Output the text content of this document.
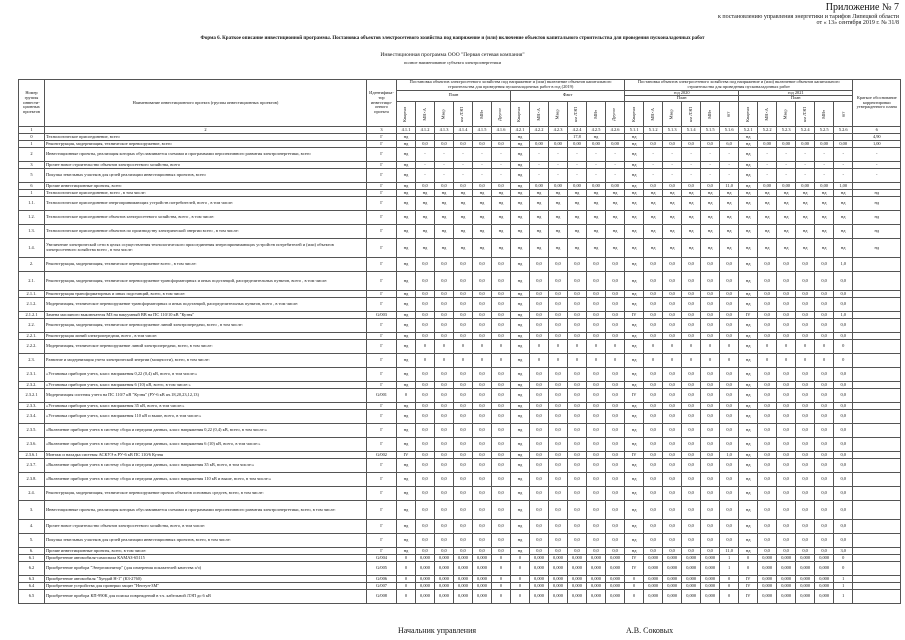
Приложение № 7
к постановлению управления энергетики и тарифов Липецкой области
от « 13» сентября 2019 г. № 31/8
Форма 6. Краткое описание инвестиционной программы. Постановка объектов электросетевого хозяйства под напряжение и (или) включение объектов капитального строительства для проведения пусконаладочных работ
Инвестиционная программа ООО "Первая сетевая компания"
полное наименование субъекта электроэнергетики
Номер группы инвести-ционных проектов	Наименование инвестиционного проекта (группы инвестиционных проектов)	Идентифика-тор инвестици-онного проекта	Постановка объектов электросетевого хозяйства под напряжение и (или) включение объектов капитального строительства для проведения пусконаладочных работ в год (2019)												Постановка объектов электросетевого хозяйства под напряжение и (или) включение объектов капитального строительства для проведения пусконаладочных работ												Краткое обоснование корректировки утвержденного плана	
			План						Факт						год 2020						год 2021							
															План						План							
			Квартал	МВ×А	Мвар	км ЛЭП	МВт	Другое	Квартал	МВ×А	Мвар	км ЛЭП	МВт	Другое	Квартал	МВ×А	Мвар	км ЛЭП	МВт	шт	Квартал	МВ×А	Мвар	км ЛЭП	МВт	шт		
1	2	3	4.1.1	4.1.2	4.1.3	4.1.4	4.1.5	4.1.6	4.2.1	4.2.2	4.2.3	4.2.4	4.2.5	4.2.6	5.1.1	5.1.2	5.1.3	5.1.4	5.1.5	5.1.6	5.2.1	5.2.2	5.2.3	5.2.4	5.2.5	5.2.6	6	
0	Технологическое присоединение, всего	Г	нд						нд			17,8	нд		нд						нд						4,90	
1	Реконструкция, модернизация, техническое перевооружение, всего	Г	нд	0,0	0,0	0,0	0,0	0,0	нд	0,00	0,00	0,00	0,00	0,00	нд	0,0	0,0	0,0	0,0	6,0	нд	0,00	0,00	0,00	0,00	0,00	1,00	
2	Инвестиционные проекты, реализация которых обуславливается схемами и программами перспективного развития электроэнергетики, всего	Г	нд	-	-	-	-	-	нд	-	-	-	-	-	нд	-	-	-	-	-	нд	-	-	-	-	-	-	
3	Прочее новое строительство объектов электросетевого хозяйства, всего	Г	нд	-	-	-	-	-	нд	-	-	-	-	-	нд	-	-	-	-	-	нд	-	-	-	-	-	-	
5	Покупка земельных участков для целей реализации инвестиционных проектов, всего	Г	нд	-	-	-	-	-	нд	-	-	-	-	-	нд	-	-	-	-	-	нд	-	-	-	-	-	-	
6	Прочие инвестиционные проекты, всего	Г	нд	0,0	0,0	0,0	0,0	0,0	нд	0,00	0,00	0,00	0,00	0,00	нд	0,0	0,0	0,0	0,0	11,0	нд	0,00	0,00	0,00	0,00	1,00		
1	Технологическое присоединение, всего , в том числе:	Г	нд	нд	нд	нд	нд	нд	нд	нд	нд	нд	нд	нд	нд	нд	нд	нд	нд	нд	нд	нд	нд	нд	нд	нд	нд	
1.1.	Технологическое присоединение энергопринимающих устройств потребителей, всего , в том числе:	Г	нд	нд	нд	нд	нд	нд	нд	нд	нд	нд	нд	нд	нд	нд	нд	нд	нд	нд	нд	нд	нд	нд	нд	нд	нд	
1.2.	Технологическое присоединение объектов электросетевого хозяйства, всего , в том числе:	Г	нд	нд	нд	нд	нд	нд	нд	нд	нд	нд	нд	нд	нд	нд	нд	нд	нд	нд	нд	нд	нд	нд	нд	нд	нд	
1.3.	Технологическое присоединение объектов по производству электрической энергии всего , в том числе:	Г	нд	нд	нд	нд	нд	нд	нд	нд	нд	нд	нд	нд	нд	нд	нд	нд	нд	нд	нд	нд	нд	нд	нд	нд	нд	
1.4.	Увеличение электрической сети в целях осуществления технологического присоединения энергопринимающих устройств потребителей и (или) объектов электросетевого хозяйства всего , в том числе:	Г	нд	нд	нд	нд	нд	нд	нд	нд	нд	нд	нд	нд	нд	нд	нд	нд	нд	нд	нд	нд	нд	нд	нд	нд	нд	
2.	Реконструкция, модернизация, техническое перевооружение всего , в том числе:	Г	нд	0,0	0,0	0,0	0,0	0,0	нд	0,0	0,0	0,0	0,0	0,0	нд	0,0	0,0	0,0	0,0	0,0	нд	0,0	0,0	0,0	0,0	1,0		
2.1.	Реконструкция, модернизация, техническое перевооружение трансформаторных и иных подстанций, распределительных пунктов, всего , в том числе:	Г	нд	0,0	0,0	0,0	0,0	0,0	нд	0,0	0,0	0,0	0,0	0,0	нд	0,0	0,0	0,0	0,0	0,0	нд	0,0	0,0	0,0	0,0	0,0		
2.1.1.	Реконструкция трансформаторных и иных подстанций, всего, в том числе:	Г	нд	0,0	0,0	0,0	0,0	0,0	нд	0,0	0,0	0,0	0,0	0,0	нд	0,0	0,0	0,0	0,0	0,0	нд	0,0	0,0	0,0	0,0	0,0		
2.1.2.	Модернизация, техническое перевооружение трансформаторных и иных подстанций, распределительных пунктов, всего , в том числе:	Г	нд	0,0	0,0	0,0	0,0	0,0	нд	0,0	0,0	0,0	0,0	0,0	нд	0,0	0,0	0,0	0,0	0,0	нд	0,0	0,0	0,0	0,0	0,0		
2.1.2.1	Замена масляного выключателя МЗ на вакуумный ВВ на ПС 110/10 кВ "Кузня"	G/003	нд	0,0	0,0	0,0	0,0	0,0	нд	0,0	0,0	0,0	0,0	0,0	IV	0,0	0,0	0,0	0,0	0,0	IV	0,0	0,0	0,0	0,0	1,0		
2.2.	Реконструкция, модернизация, техническое перевооружение линий электропередачи, всего , в том числе:	Г	нд	0,0	0,0	0,0	0,0	0,0	нд	0,0	0,0	0,0	0,0	0,0	нд	0,0	0,0	0,0	0,0	0,0	нд	0,0	0,0	0,0	0,0	0,0		
2.2.1.	Реконструкция линий электропередачи, всего , в том числе:	Г	нд	0,0	0,0	0,0	0,0	0,0	нд	0,0	0,0	0,0	0,0	0,0	нд	0,0	0,0	0,0	0,0	0,0	нд	0,0	0,0	0,0	0,0	0,0		
2.2.2.	Модернизация, техническое перевооружение линий электропередачи, всего, в том числе:	Г	нд	0	0	0	0	0	нд	0	0	0	0	0	нд	0	0	0	0	0	нд	0	0	0	0	0		
2.3.	Развитие и модернизация учета электрической энергии (мощности), всего, в том числе:	Г	нд	0	0	0	0	0	нд	0	0	0	0	0	нд	0	0	0	0	0	нд	0	0	0	0	0		
2.3.1.	«Установка приборов учета, класс напряжения 0,22 (0,4) кВ, всего, в том числе:»	Г	нд	0,0	0,0	0,0	0,0	0,0	нд	0,0	0,0	0,0	0,0	0,0	нд	0,0	0,0	0,0	0,0	0,0	нд	0,0	0,0	0,0	0,0	0,0		
2.3.2.	«Установка приборов учета, класс напряжения 6 (10) кВ, всего, в том числе:»	Г	нд	0,0	0,0	0,0	0,0	0,0	нд	0,0	0,0	0,0	0,0	0,0	нд	0,0	0,0	0,0	0,0	0,0	нд	0,0	0,0	0,0	0,0	0,0		
2.3.2.1	Модернизация системы учета на ПС 110/7 кВ "Кузня" (РУ-6 кВ яч.18,20,23,12,13)	G/001	0	0,0	0,0	0,0	0,0	0,0	нд	0,0	0,0	0,0	0,0	0,0	IV	0,0	0,0	0,0	0,0	0,0	нд	0,0	0,0	0,0	0,0	0,0		
2.3.3.	«Установка приборов учета, класс напряжения 35 кВ, всего, в том числе:»	Г	нд	0,0	0,0	0,0	0,0	0,0	нд	0,0	0,0	0,0	0,0	0,0	нд	0,0	0,0	0,0	0,0	0,0	нд	0,0	0,0	0,0	0,0	0,0		
2.3.4.	«Установка приборов учета, класс напряжения 110 кВ и выше, всего, в том числе:»	Г	нд	0,0	0,0	0,0	0,0	0,0	нд	0,0	0,0	0,0	0,0	0,0	нд	0,0	0,0	0,0	0,0	0,0	нд	0,0	0,0	0,0	0,0	0,0		
2.3.5.	«Включение приборов учета в систему сбора и передачи данных, класс напряжения 0,22 (0,4) кВ, всего, в том числе:»	Г	нд	0,0	0,0	0,0	0,0	0,0	нд	0,0	0,0	0,0	0,0	0,0	нд	0,0	0,0	0,0	0,0	0,0	нд	0,0	0,0	0,0	0,0	0,0		
2.3.6.	«Включение приборов учета в систему сбора и передачи данных, класс напряжения 6 (10) кВ, всего, в том числе:»	Г	нд	0,0	0,0	0,0	0,0	0,0	нд	0,0	0,0	0,0	0,0	0,0	нд	0,0	0,0	0,0	0,0	0,0	нд	0,0	0,0	0,0	0,0	0,0		
2.3.6.1	Монтаж и наладка системы АСКУЭ в РУ-6 кВ ПС 110/6 Кузня	G/002	IV	0,0	0,0	0,0	0,0	0,0	нд	0,0	0,0	0,0	0,0	0,0	IV	0,0	0,0	0,0	0,0	1,0	нд	0,0	0,0	0,0	0,0	0,0		
2.3.7.	«Включение приборов учета в систему сбора и передачи данных, класс напряжения 35 кВ, всего, в том числе:»	Г	нд	0,0	0,0	0,0	0,0	0,0	нд	0,0	0,0	0,0	0,0	0,0	нд	0,0	0,0	0,0	0,0	0,0	нд	0,0	0,0	0,0	0,0	0,0		
2.3.8.	«Включение приборов учета в систему сбора и передачи данных, класс напряжения 110 кВ и выше, всего, в том числе:»	Г	нд	0,0	0,0	0,0	0,0	0,0	нд	0,0	0,0	0,0	0,0	0,0	нд	0,0	0,0	0,0	0,0	0,0	нд	0,0	0,0	0,0	0,0	0,0		
2.4.	Реконструкция, модернизация, техническое перевооружение прочих объектов основных средств, всего, в том числе:	Г	нд	0,0	0,0	0,0	0,0	0,0	нд	0,0	0,0	0,0	0,0	0,0	нд	0,0	0,0	0,0	0,0	0,0	нд	0,0	0,0	0,0	0,0	0,0		
3.	Инвестиционные проекты, реализация которых обуславливается схемами и программами перспективного развития электроэнергетики, всего, в том числе:	Г	нд	0,0	0,0	0,0	0,0	0,0	нд	0,0	0,0	0,0	0,0	0,0	нд	0,0	0,0	0,0	0,0	0,0	нд	0,0	0,0	0,0	0,0	0,0		
4.	Прочее новое строительство объектов электросетевого хозяйства, всего, в том числе:	Г	нд	0,0	0,0	0,0	0,0	0,0	нд	0,0	0,0	0,0	0,0	0,0	нд	0,0	0,0	0,0	0,0	0,0	нд	0,0	0,0	0,0	0,0	0,0		
5.	Покупка земельных участков для целей реализации инвестиционных проектов, всего, в том числе:	Г	нд	0,0	0,0	0,0	0,0	0,0	нд	0,0	0,0	0,0	0,0	0,0	нд	0,0	0,0	0,0	0,0	0,0	нд	0,0	0,0	0,0	0,0	0,0		
6.	Прочие инвестиционные проекты, всего, в том числе:	Г	нд	0,0	0,0	0,0	0,0	0,0	нд	0,0	0,0	0,0	0,0	0,0	нд	0,0	0,0	0,0	0,0	11,0	нд	0,0	0,0	0,0	0,0	3,0		
6.1	Приобретение автомобиля-самосвала КАМАЗ-65115	G/004	0	0,000	0,000	0,000	0,000	0	0	0,000	0,000	0,000	0,000	0,000	IV	0,000	0,000	0,000	0,000	1	0	0,000	0,000	0,000	0,000	0		
6.2	Приобретение прибора "Энергомонитор" (для измерения показателей качества э/э)	G/005	0	0,000	0,000	0,000	0,000	0	0	0,000	0,000	0,000	0,000	0,000	IV	0,000	0,000	0,000	0,000	1	0	0,000	0,000	0,000	0,000	0		
6.3	Приобретение автомобиля "Хундай Н-1" (КЗ-2760)	G/006	0	0,000	0,000	0,000	0,000	0	0	0,000	0,000	0,000	0,000	0,000	0	0,000	0,000	0,000	0,000	0	IV	0,000	0,000	0,000	0,000	1		
6.4	Приобретение устройства для проверки защит "Нептун-3М"	G/007	0	0,000	0,000	0,000	0,000	0	0	0,000	0,000	0,000	0,000	0,000	0	0,000	0,000	0,000	0,000	0	IV	0,000	0,000	0,000	0,000	1		
6.5	Приобретение прибора КП-990К для поиска повреждений в т.ч. кабельной ЛЭП до 6 кВ	G/008	0	0,000	0,000	0,000	0,000	0	0	0,000	0,000	0,000	0,000	0,000	0	0,000	0,000	0,000	0,000	0	IV	0,000	0,000	0,000	0,000	1		
Начальник управления	А.В. Соковых
